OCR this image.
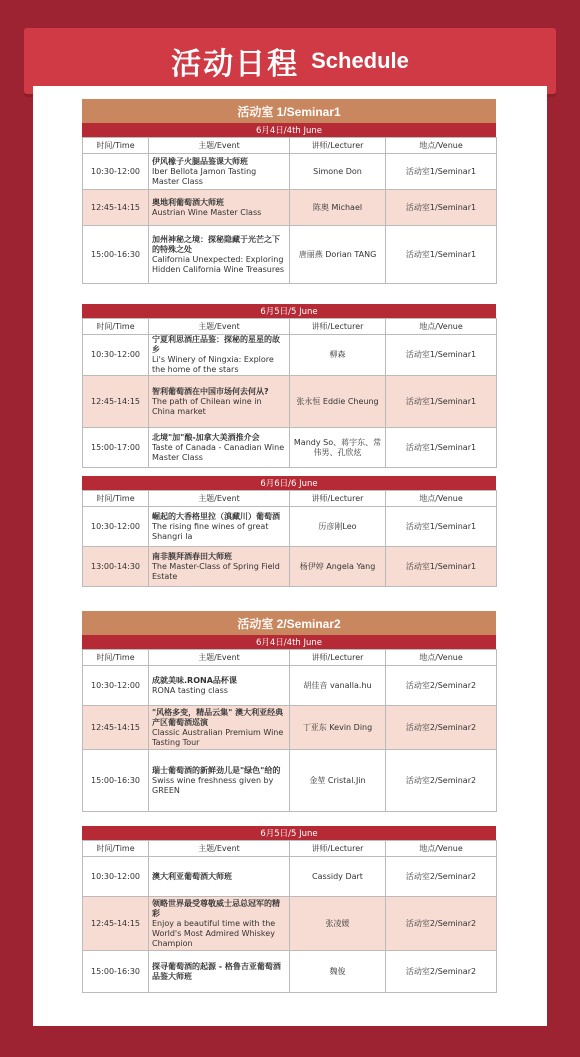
活动日程 Schedule
活动室 1/Seminar1
6月4日/4th June
时间/Time	主题/Event	讲师/Lecturer	地点/Venue
10:30-12:00	伊风橡子火腿品鉴课大师班
Iber Bellota Jamon Tasting Master Class	Simone Don	活动室1/Seminar1
12:45-14:15	奥地利葡萄酒大师班
Austrian Wine Master Class	陈奥 Michael	活动室1/Seminar1
15:00-16:30	加州神秘之境：探秘隐藏于光芒之下的特殊之处
California Unexpected: Exploring Hidden California Wine Treasures	唐丽燕 Dorian TANG	活动室1/Seminar1
6月5日/5 June
时间/Time	主题/Event	讲师/Lecturer	地点/Venue
10:30-12:00	宁夏利思酒庄品鉴：探秘的星星的故乡
Li's Winery of Ningxia: Explore the home of the stars	柳森	活动室1/Seminar1
12:45-14:15	智利葡萄酒在中国市场何去何从?
The path of Chilean wine in China market	张永恒 Eddie Cheung	活动室1/Seminar1
15:00-17:00	北境"加"酿-加拿大美酒推介会
Taste of Canada - Canadian Wine Master Class	Mandy So、蒋宇东、常伟男、孔欣炫	活动室1/Seminar1
6月6日/6 June
时间/Time	主题/Event	讲师/Lecturer	地点/Venue
10:30-12:00	崛起的大香格里拉（滇藏川）葡萄酒
The rising fine wines of great Shangri la	历彦刚Leo	活动室1/Seminar1
13:00-14:30	南非膜拜酒春田大师班
The Master-Class of Spring Field Estate	杨伊婷 Angela Yang	活动室1/Seminar1
活动室 2/Seminar2
6月4日/4th June
时间/Time	主题/Event	讲师/Lecturer	地点/Venue
10:30-12:00	成就美味.RONA品杯课
RONA tasting class	胡佳音 vanalla.hu	活动室2/Seminar2
12:45-14:15	"风格多变，精品云集" 澳大利亚经典产区葡萄酒巡演
Classic Australian Premium Wine Tasting Tour	丁亚东 Kevin Ding	活动室2/Seminar2
15:00-16:30	瑞士葡萄酒的新鲜劲儿是"绿色"给的
Swiss wine freshness given by GREEN	金堃 Cristal.Jin	活动室2/Seminar2
6月5日/5 June
时间/Time	主题/Event	讲师/Lecturer	地点/Venue
10:30-12:00	澳大利亚葡萄酒大师班	Cassidy Dart	活动室2/Seminar2
12:45-14:15	领略世界最受尊敬威士忌总冠军的精彩
Enjoy a beautiful time with the World's Most Admired Whiskey Champion	张凌媛	活动室2/Seminar2
15:00-16:30	探寻葡萄酒的起源 - 格鲁吉亚葡萄酒品鉴大师班	魏俊	活动室2/Seminar2
